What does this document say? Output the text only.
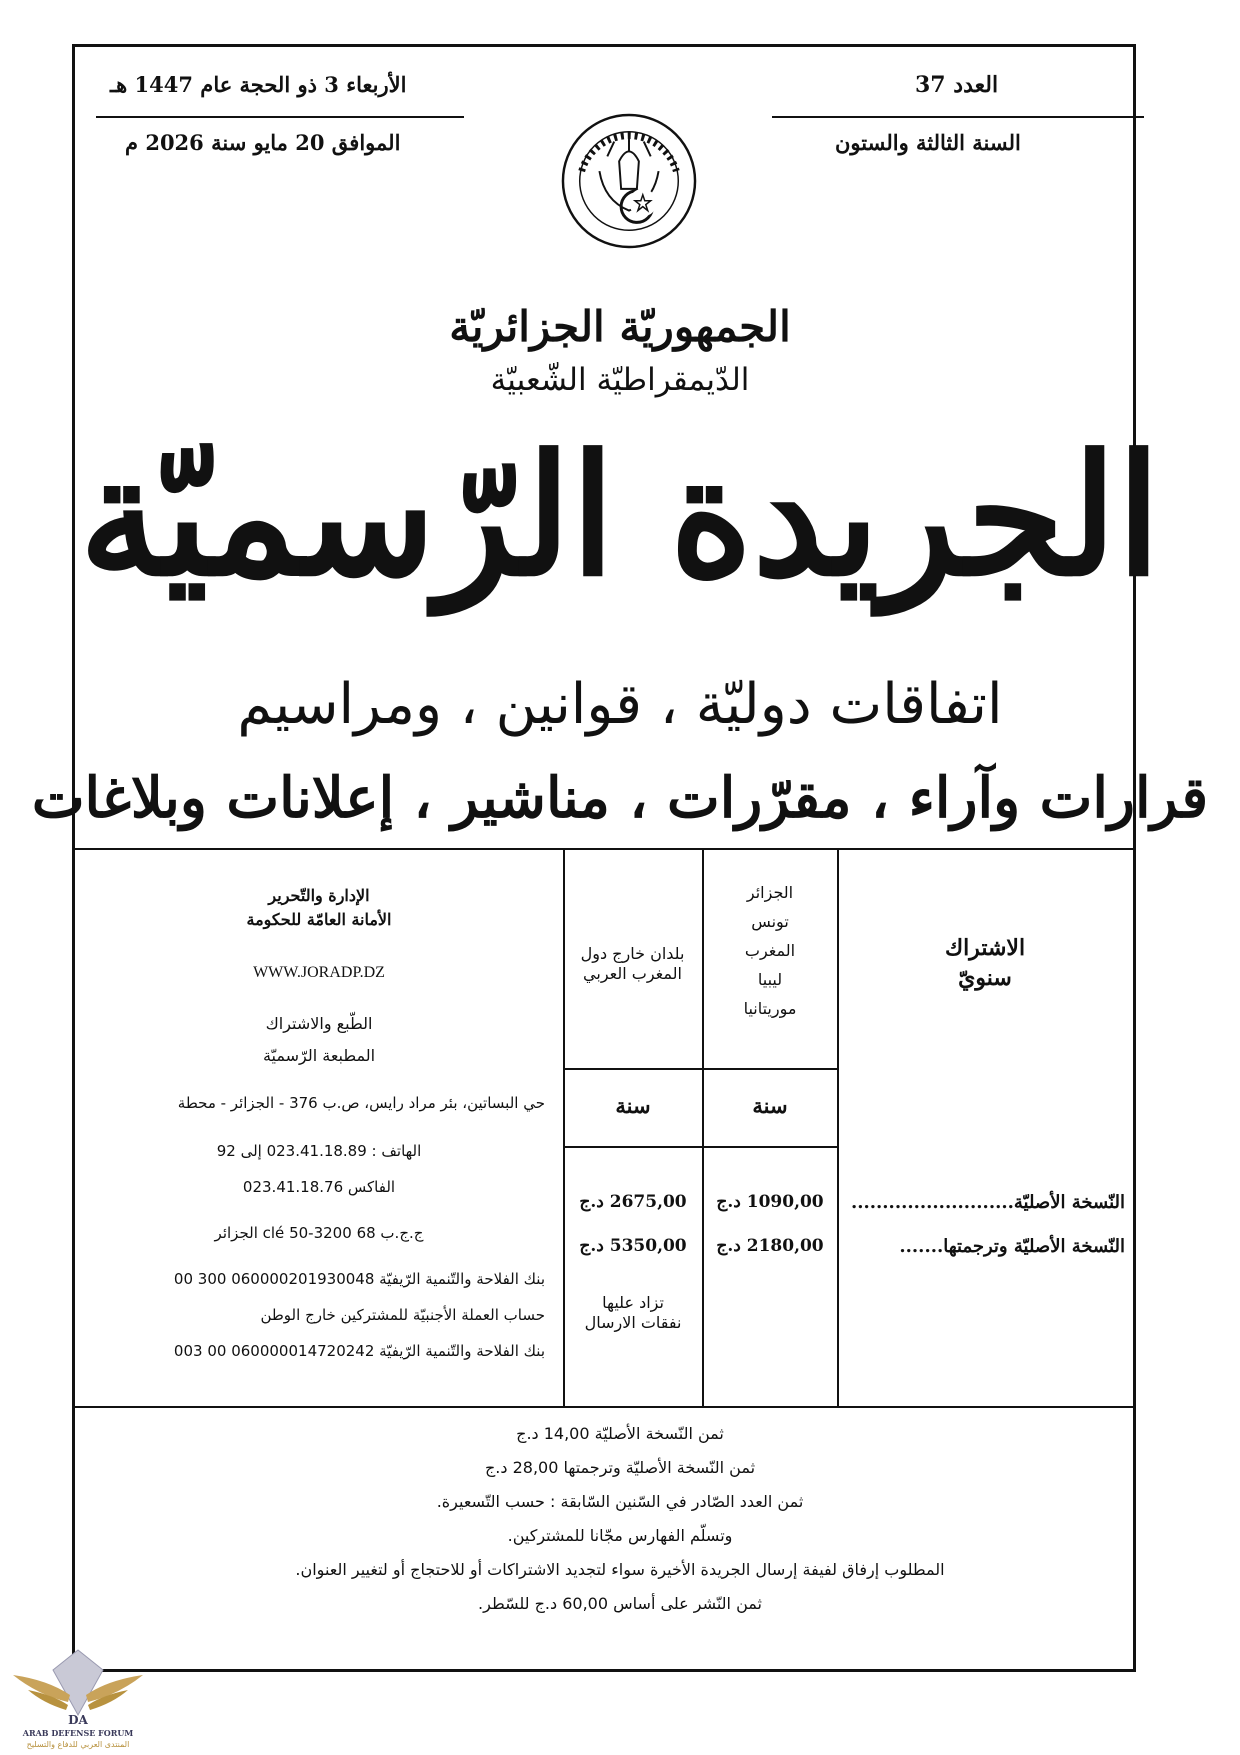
العدد 37
السنة الثالثة والستون
الأربعاء 3 ذو الحجة عام 1447 هـ
الموافق 20 مايو سنة 2026 م
الجمهوريّة الجزائريّة
الدّيمقراطيّة الشّعبيّة
الجريدة الرّسميّة
اتفاقات دوليّة ، قوانين ، ومراسيم
قرارات وآراء ، مقرّرات ، مناشير ، إعلانات وبلاغات
الاشتراك
سنويّ
الجزائر
تونس
المغرب
ليبيا
موريتانيا
بلدان خارج دول المغرب العربي
سنة
سنة
النّسخة الأصليّة..........................
النّسخة الأصليّة وترجمتها.......
1090,00 د.ج
2180,00 د.ج
2675,00 د.ج
5350,00 د.ج
تزاد عليها
نفقات الارسال
الإدارة والتّحرير
الأمانة العامّة للحكومة
WWW.JORADP.DZ
الطّبع والاشتراك
المطبعة الرّسميّة
حي البساتين، بئر مراد رايس، ص.ب 376 - الجزائر - محطة
الهاتف : 023.41.18.89 إلى 92
الفاكس 023.41.18.76
ج.ج.ب 68 3200-50 clé الجزائر
بنك الفلاحة والتّنمية الرّيفيّة 060000201930048 300 00
حساب العملة الأجنبيّة للمشتركين خارج الوطن
بنك الفلاحة والتّنمية الرّيفيّة 060000014720242 00 003
ثمن النّسخة الأصليّة 14,00 د.ج
ثمن النّسخة الأصليّة وترجمتها 28,00 د.ج
ثمن العدد الصّادر في السّنين السّابقة : حسب التّسعيرة.
وتسلّم الفهارس مجّانا للمشتركين.
المطلوب إرفاق لفيفة إرسال الجريدة الأخيرة سواء لتجديد الاشتراكات أو للاحتجاج أو لتغيير العنوان.
ثمن النّشر على أساس 60,00 د.ج للسّطر.
DA
ARAB DEFENSE FORUM
المنتدى العربي للدفاع والتسليح
